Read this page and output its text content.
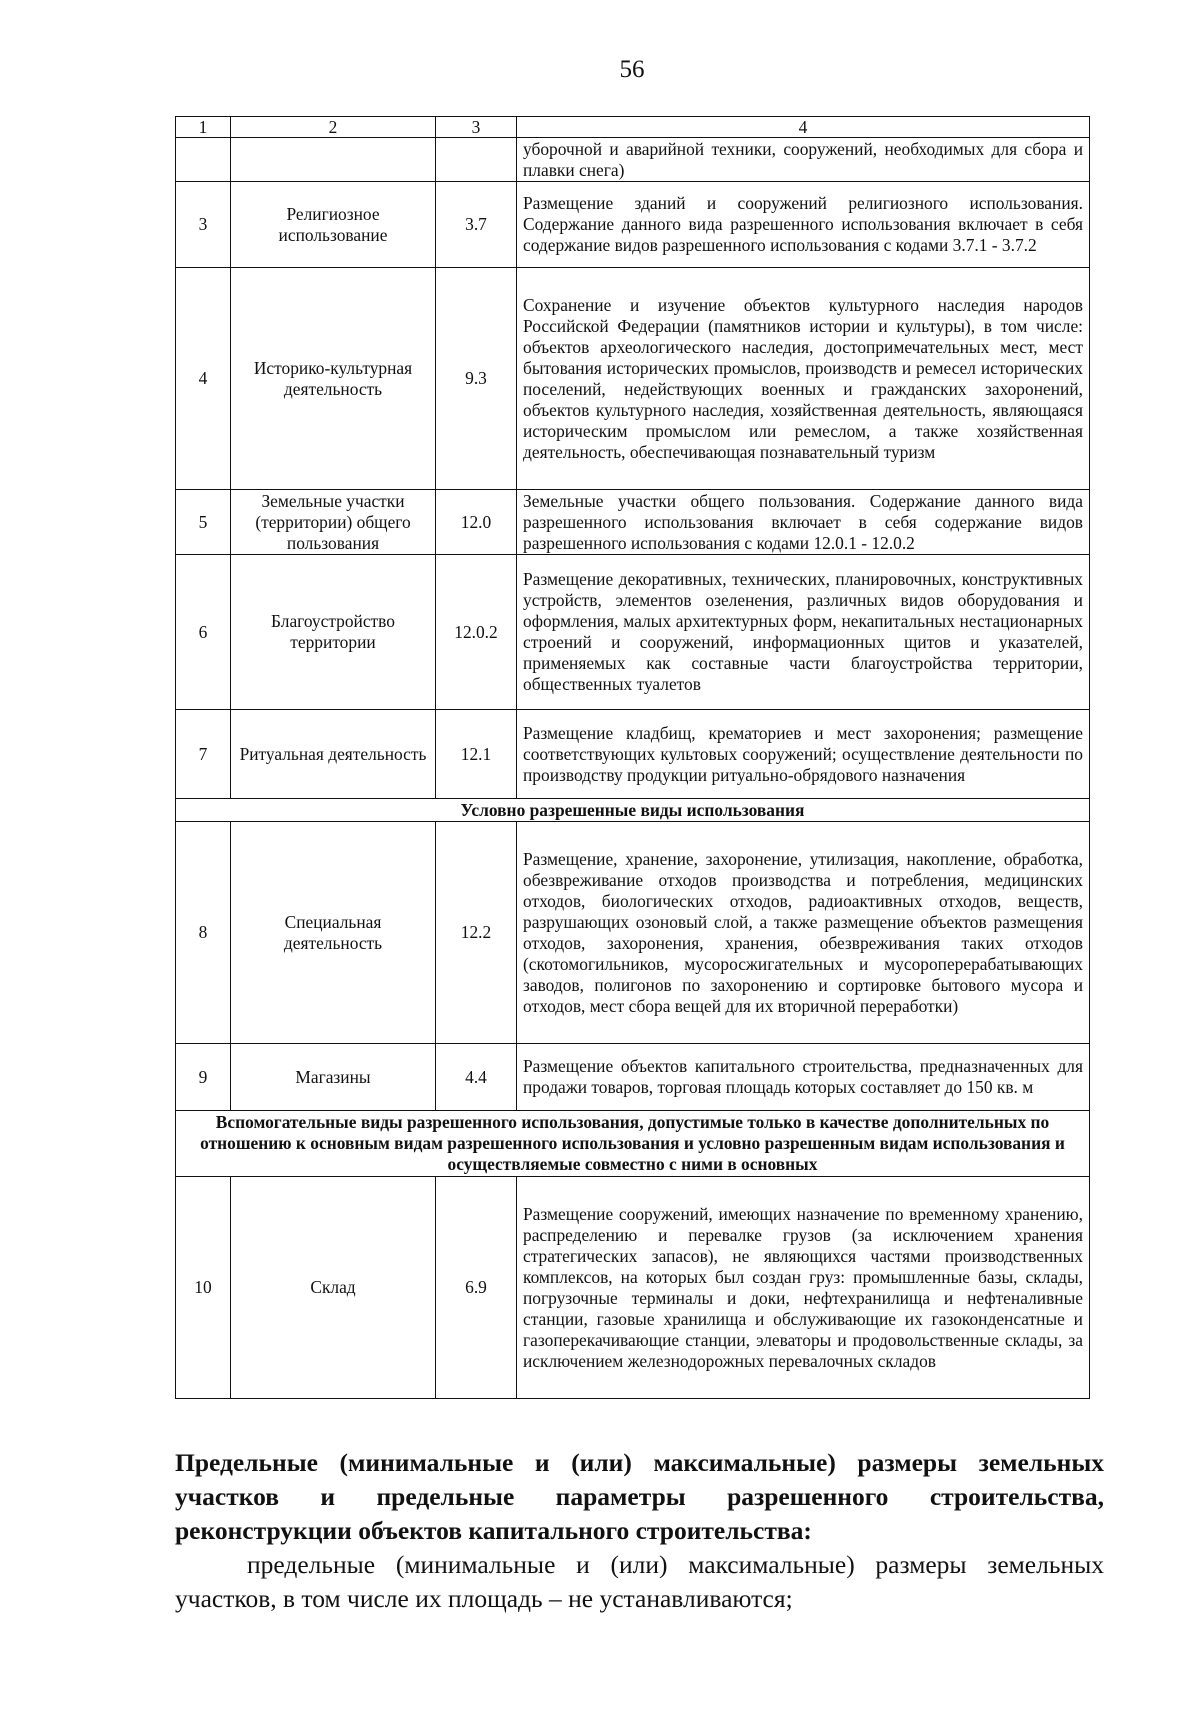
56
1	2	3	4
			уборочной и аварийной техники, сооружений, необходимых для сбора и плавки снега)
3	Религиозное использование	3.7	Размещение зданий и сооружений религиозного использования. Содержание данного вида разрешенного использования включает в себя содержание видов разрешенного использования с кодами 3.7.1 - 3.7.2
4	Историко-культурная деятельность	9.3	Сохранение и изучение объектов культурного наследия народов Российской Федерации (памятников истории и культуры), в том числе: объектов археологического наследия, достопримечательных мест, мест бытования исторических промыслов, производств и ремесел исторических поселений, недействующих военных и гражданских захоронений, объектов культурного наследия, хозяйственная деятельность, являющаяся историческим промыслом или ремеслом, а также хозяйственная деятельность, обеспечивающая познавательный туризм
5	Земельные участки (территории) общего пользования	12.0	Земельные участки общего пользования. Содержание данного вида разрешенного использования включает в себя содержание видов разрешенного использования с кодами 12.0.1 - 12.0.2
6	Благоустройство территории	12.0.2	Размещение декоративных, технических, планировочных, конструктивных устройств, элементов озеленения, различных видов оборудования и оформления, малых архитектурных форм, некапитальных нестационарных строений и сооружений, информационных щитов и указателей, применяемых как составные части благоустройства территории, общественных туалетов
7	Ритуальная деятельность	12.1	Размещение кладбищ, крематориев и мест захоронения; размещение соответствующих культовых сооружений; осуществление деятельности по производству продукции ритуально-обрядового назначения
Условно разрешенные виды использования			
8	Специальная деятельность	12.2	Размещение, хранение, захоронение, утилизация, накопление, обработка, обезвреживание отходов производства и потребления, медицинских отходов, биологических отходов, радиоактивных отходов, веществ, разрушающих озоновый слой, а также размещение объектов размещения отходов, захоронения, хранения, обезвреживания таких отходов (скотомогильников, мусоросжигательных и мусороперерабатывающих заводов, полигонов по захоронению и сортировке бытового мусора и отходов, мест сбора вещей для их вторичной переработки)
9	Магазины	4.4	Размещение объектов капитального строительства, предназначенных для продажи товаров, торговая площадь которых составляет до 150 кв. м
Вспомогательные виды разрешенного использования, допустимые только в качестве дополнительных по отношению к основным видам разрешенного использования и условно разрешенным видам использования и осуществляемые совместно с ними в основных			
10	Склад	6.9	Размещение сооружений, имеющих назначение по временному хранению, распределению и перевалке грузов (за исключением хранения стратегических запасов), не являющихся частями производственных комплексов, на которых был создан груз: промышленные базы, склады, погрузочные терминалы и доки, нефтехранилища и нефтеналивные станции, газовые хранилища и обслуживающие их газоконденсатные и газоперекачивающие станции, элеваторы и продовольственные склады, за исключением железнодорожных перевалочных складов
Предельные (минимальные и (или) максимальные) размеры земельных участков и предельные параметры разрешенного строительства, реконструкции объектов капитального строительства:
предельные (минимальные и (или) максимальные) размеры земельных участков, в том числе их площадь – не устанавливаются;
